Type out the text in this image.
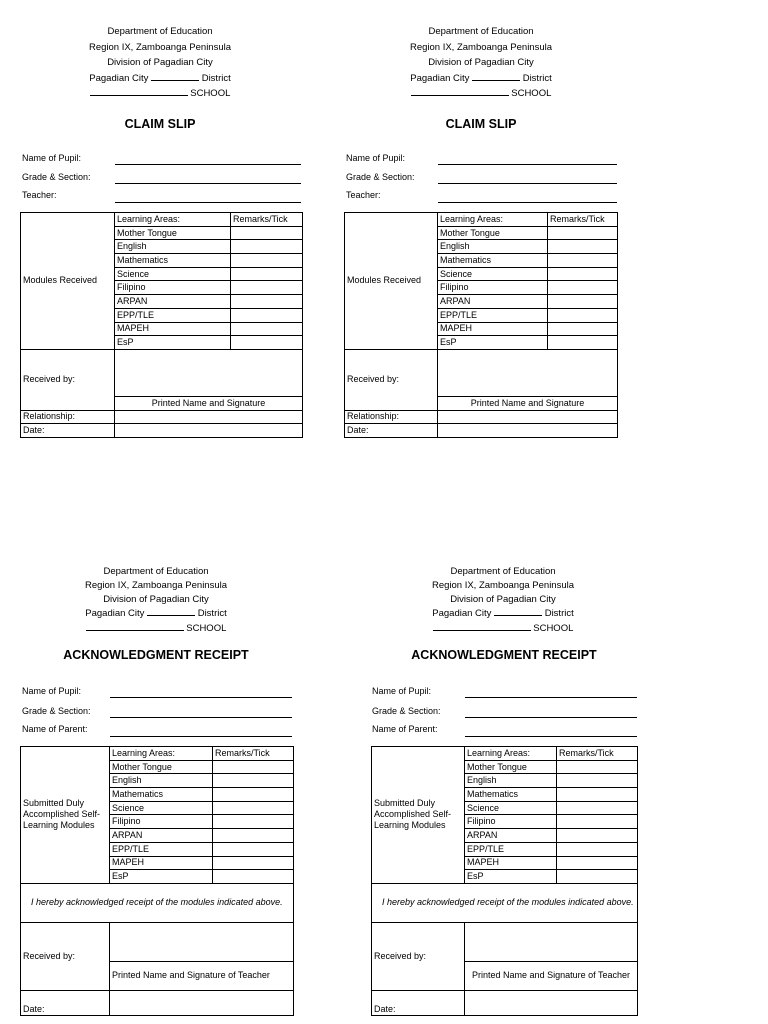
Department of Education
Region IX, Zamboanga Peninsula
Division of Pagadian City
Pagadian City	District
SCHOOL
CLAIM SLIP
Name of Pupil:
Grade & Section:
Teacher:
Modules Received	Learning Areas:	Remarks/Tick
	Mother Tongue	
	English	
	Mathematics	
	Science	
	Filipino	
	ARPAN	
	EPP/TLE	
	MAPEH	
	EsP	
Received by:		
	Printed Name and Signature	
Relationship:		
Date:		
Department of Education
Region IX, Zamboanga Peninsula
Division of Pagadian City
Pagadian City	District
SCHOOL
CLAIM SLIP
Name of Pupil:
Grade & Section:
Teacher:
Modules Received	Learning Areas:	Remarks/Tick
	Mother Tongue	
	English	
	Mathematics	
	Science	
	Filipino	
	ARPAN	
	EPP/TLE	
	MAPEH	
	EsP	
Received by:		
	Printed Name and Signature	
Relationship:		
Date:		
Department of Education
Region IX, Zamboanga Peninsula
Division of Pagadian City
Pagadian City	District
SCHOOL
ACKNOWLEDGMENT RECEIPT
Name of Pupil:
Grade & Section:
Name of Parent:
Submitted Duly Accomplished Self-Learning Modules	Learning Areas:	Remarks/Tick
	Mother Tongue	
	English	
	Mathematics	
	Science	
	Filipino	
	ARPAN	
	EPP/TLE	
	MAPEH	
	EsP	
I hereby acknowledged receipt of the modules indicated above.		
Received by:		
	Printed Name and Signature of Teacher	
Date:		
Department of Education
Region IX, Zamboanga Peninsula
Division of Pagadian City
Pagadian City	District
SCHOOL
ACKNOWLEDGMENT RECEIPT
Name of Pupil:
Grade & Section:
Name of Parent:
Submitted Duly Accomplished Self-Learning Modules	Learning Areas:	Remarks/Tick
	Mother Tongue	
	English	
	Mathematics	
	Science	
	Filipino	
	ARPAN	
	EPP/TLE	
	MAPEH	
	EsP	
I hereby acknowledged receipt of the modules indicated above.		
Received by:		
	Printed Name and Signature of Teacher	
Date:		
